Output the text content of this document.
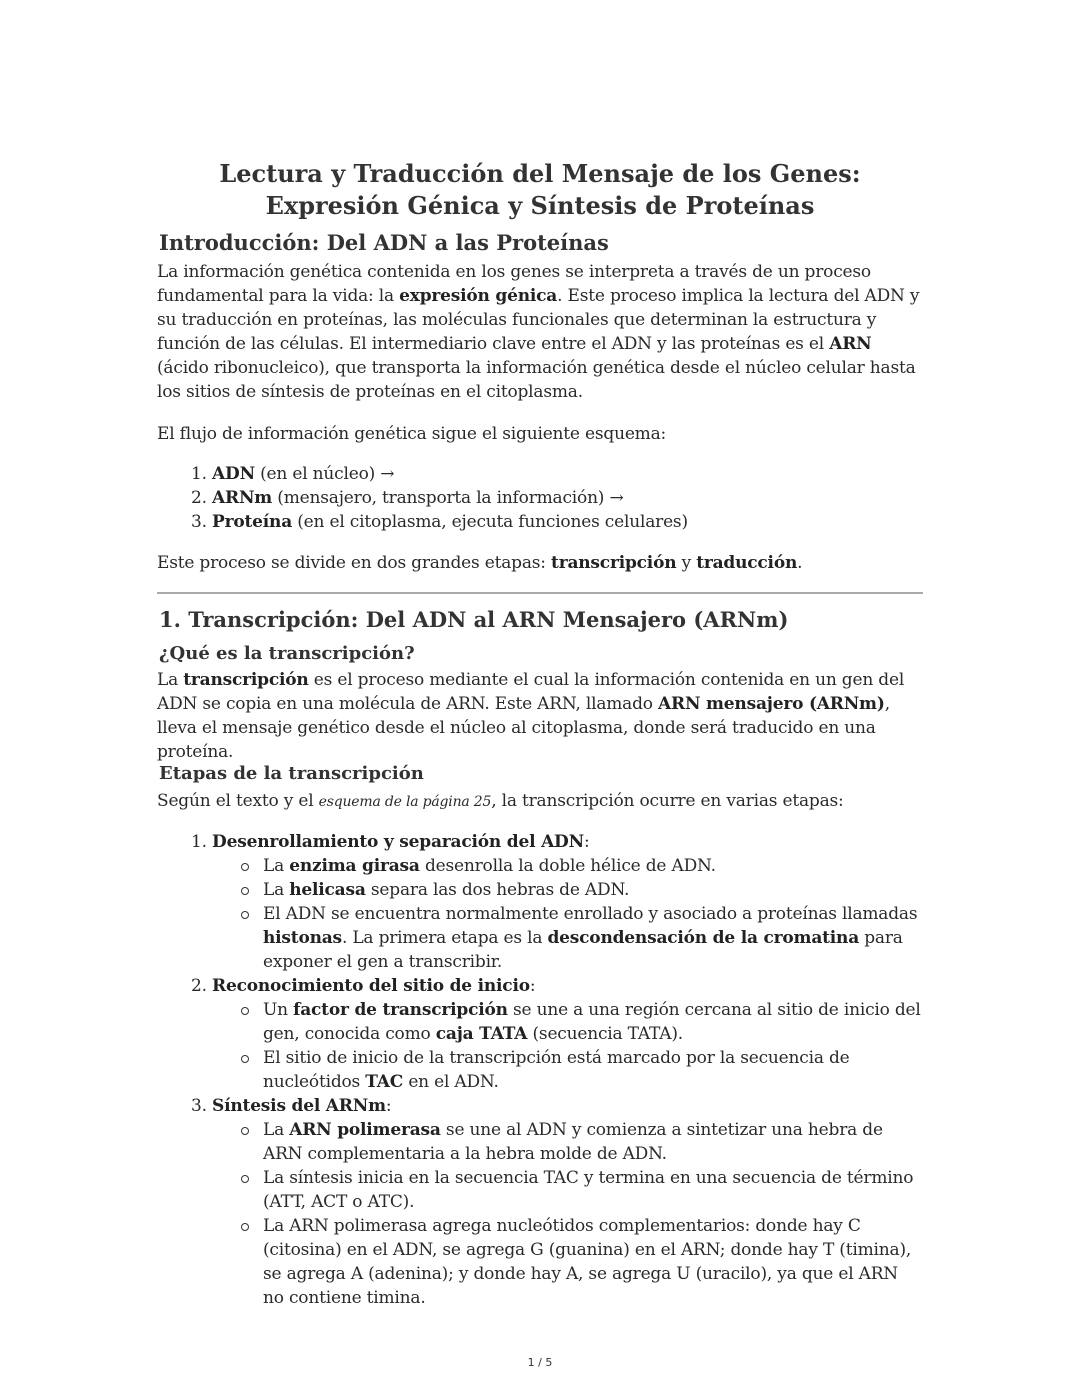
Lectura y Traducción del Mensaje de los Genes: Expresión Génica y Síntesis de Proteínas
Introducción: Del ADN a las Proteínas
La información genética contenida en los genes se interpreta a través de un proceso fundamental para la vida: la expresión génica. Este proceso implica la lectura del ADN y su traducción en proteínas, las moléculas funcionales que determinan la estructura y función de las células. El intermediario clave entre el ADN y las proteínas es el ARN (ácido ribonucleico), que transporta la información genética desde el núcleo celular hasta los sitios de síntesis de proteínas en el citoplasma.
El flujo de información genética sigue el siguiente esquema:
1. ADN (en el núcleo) →
2. ARNm (mensajero, transporta la información) →
3. Proteína (en el citoplasma, ejecuta funciones celulares)
Este proceso se divide en dos grandes etapas: transcripción y traducción.
1. Transcripción: Del ADN al ARN Mensajero (ARNm)
¿Qué es la transcripción?
La transcripción es el proceso mediante el cual la información contenida en un gen del ADN se copia en una molécula de ARN. Este ARN, llamado ARN mensajero (ARNm), lleva el mensaje genético desde el núcleo al citoplasma, donde será traducido en una proteína.
Etapas de la transcripción
Según el texto y el esquema de la página 25, la transcripción ocurre en varias etapas:
1. Desenrollamiento y separación del ADN:
La enzima girasa desenrolla la doble hélice de ADN.
La helicasa separa las dos hebras de ADN.
El ADN se encuentra normalmente enrollado y asociado a proteínas llamadas histonas. La primera etapa es la descondensación de la cromatina para exponer el gen a transcribir.
2. Reconocimiento del sitio de inicio:
Un factor de transcripción se une a una región cercana al sitio de inicio del gen, conocida como caja TATA (secuencia TATA).
El sitio de inicio de la transcripción está marcado por la secuencia de nucleótidos TAC en el ADN.
3. Síntesis del ARNm:
La ARN polimerasa se une al ADN y comienza a sintetizar una hebra de ARN complementaria a la hebra molde de ADN.
La síntesis inicia en la secuencia TAC y termina en una secuencia de término (ATT, ACT o ATC).
La ARN polimerasa agrega nucleótidos complementarios: donde hay C (citosina) en el ADN, se agrega G (guanina) en el ARN; donde hay T (timina), se agrega A (adenina); y donde hay A, se agrega U (uracilo), ya que el ARN no contiene timina.
1 / 5
